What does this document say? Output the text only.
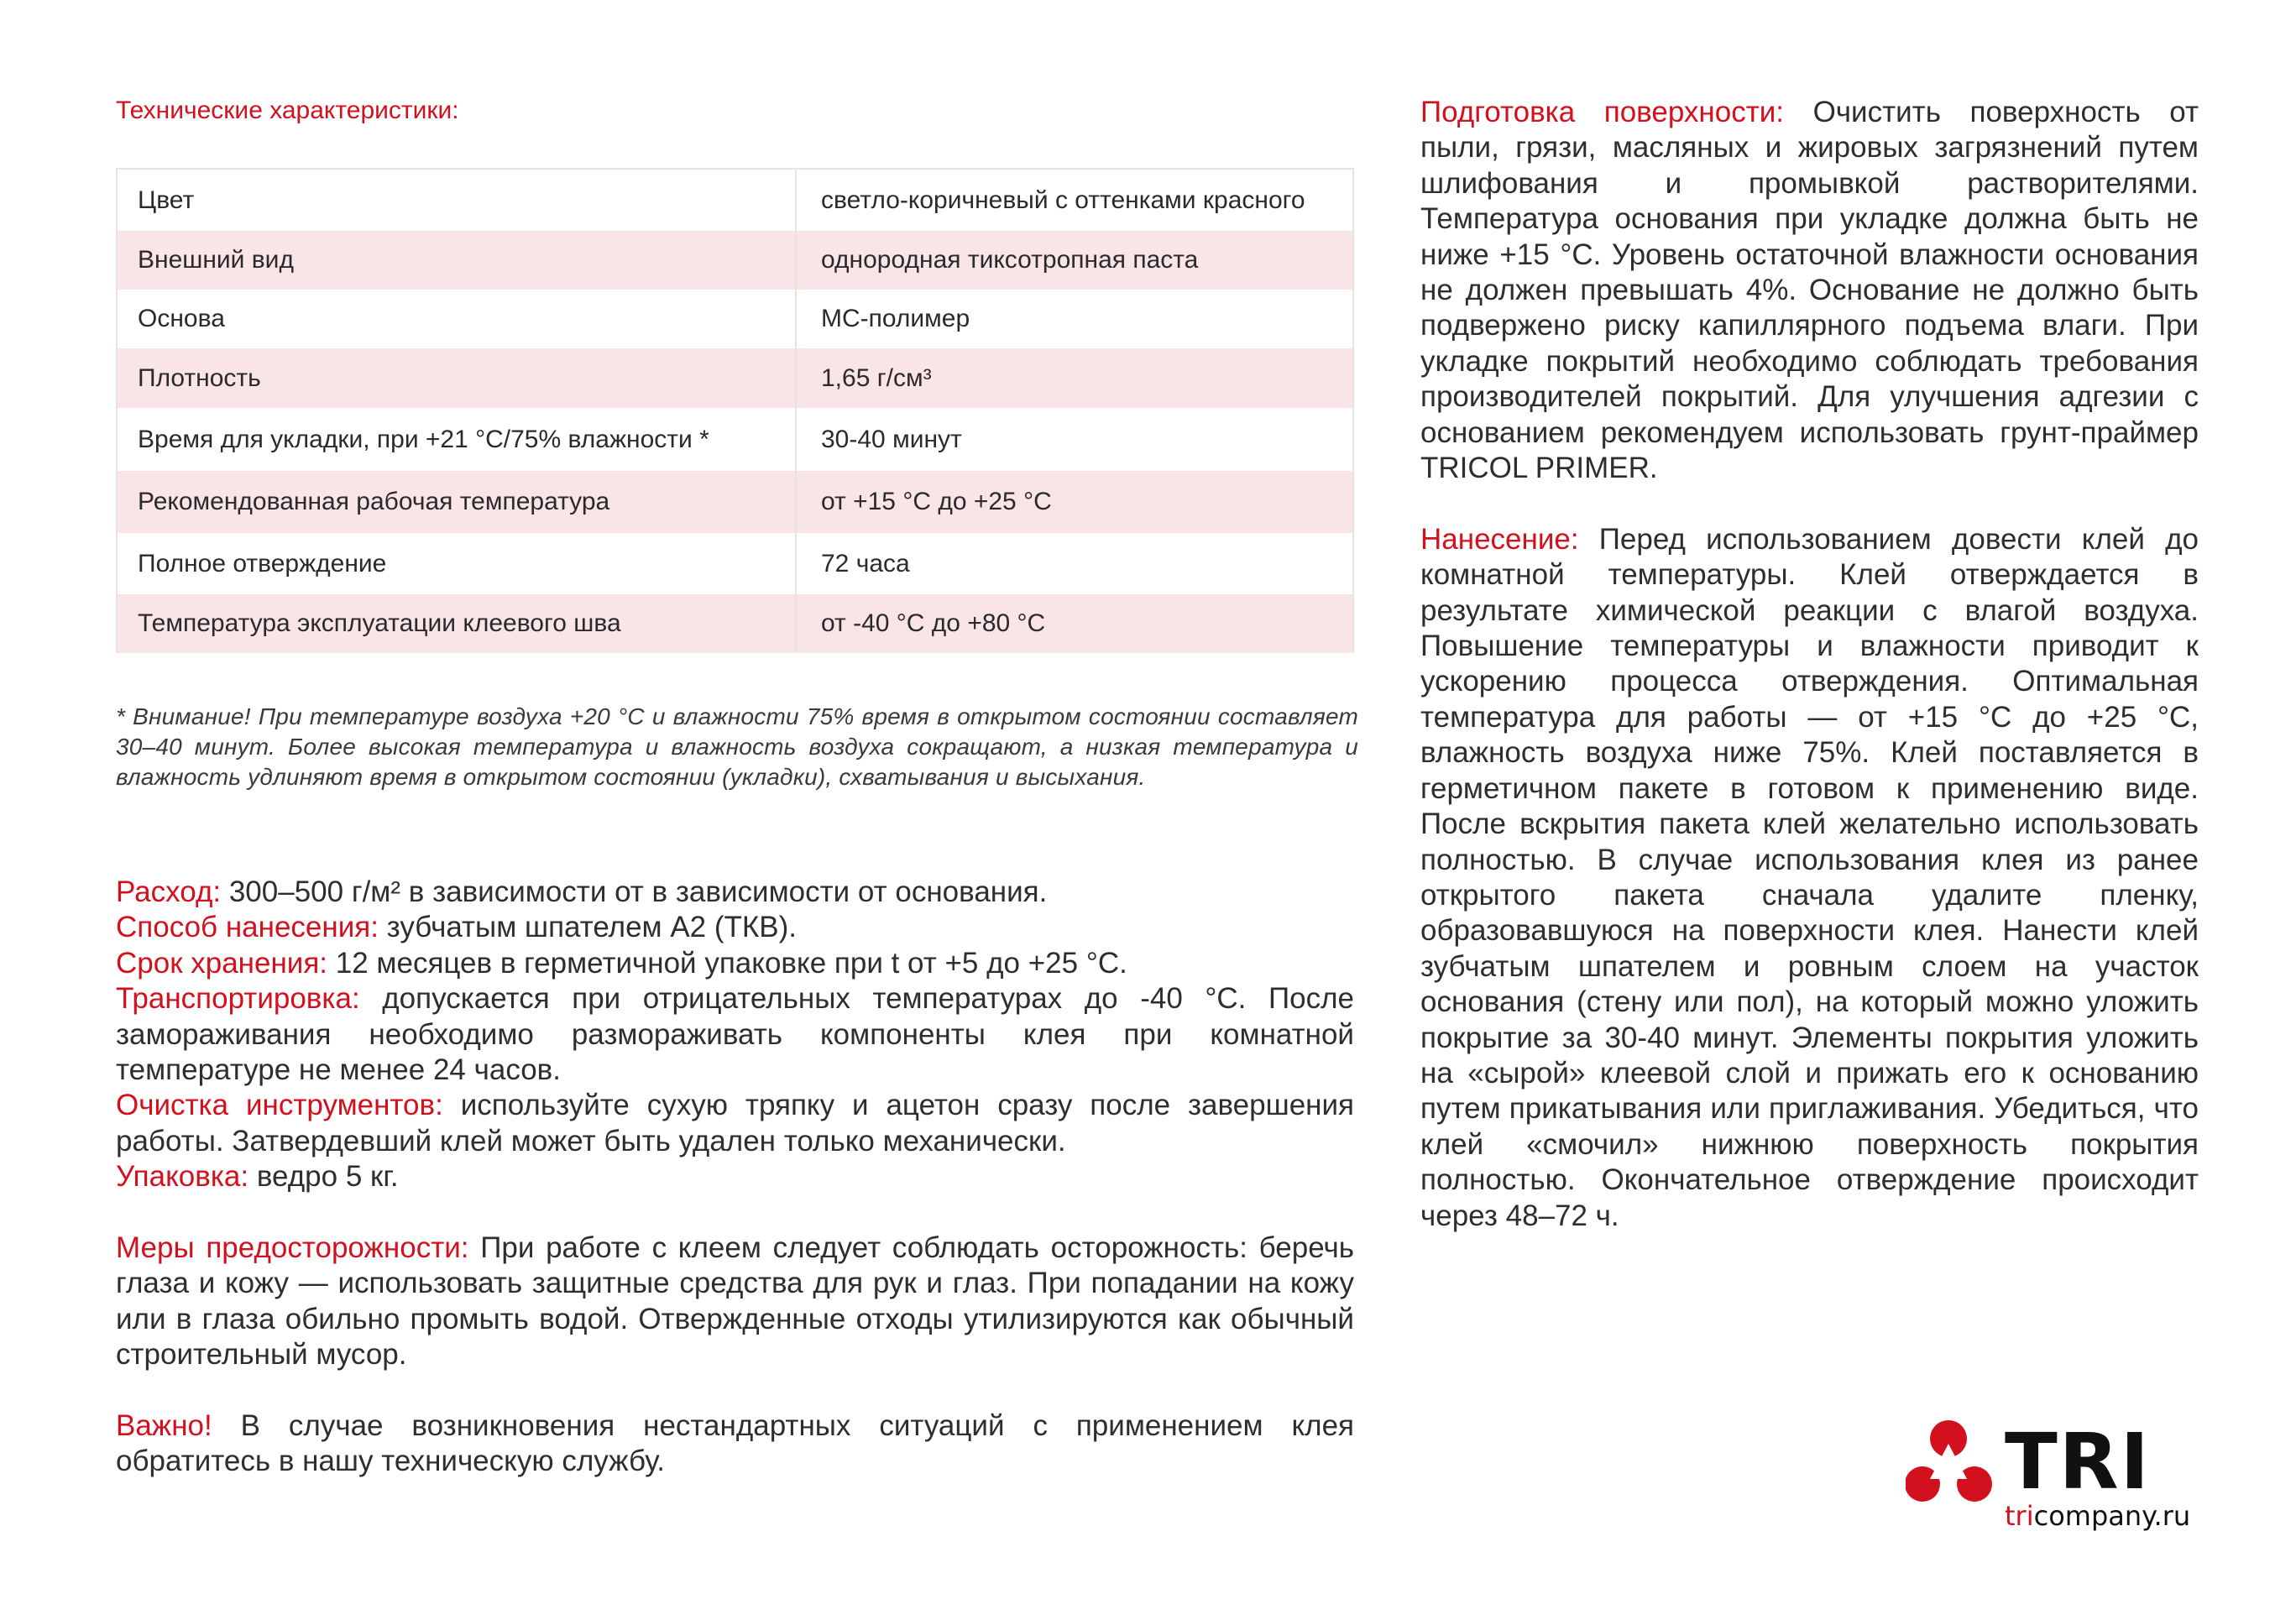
Технические характеристики:
Цвет	светло-коричневый с оттенками красного
Внешний вид	однородная тиксотропная паста
Основа	МС-полимер
Плотность	1,65 г/см³
Время для укладки, при +21 °С/75% влажности *	30-40 минут
Рекомендованная рабочая температура	от +15 °С до +25 °С
Полное отверждение	72 часа
Температура эксплуатации клеевого шва	от -40 °С до +80 °С
* Внимание! При температуре воздуха +20 °С и влажности 75% время в открытом состоянии составляет 30–40 минут. Более высокая температура и влажность воздуха сокращают, а низкая температура и влажность удлиняют время в открытом состоянии (укладки), схватывания и высыхания.

Расход: 300–500 г/м² в зависимости от в зависимости от основания.

Способ нанесения: зубчатым шпателем А2 (ТКВ).

Срок хранения: 12 месяцев в герметичной упаковке при t от +5 до +25 °С.

Транспортировка: допускается при отрицательных температурах до -40 °С. После замораживания необходимо размораживать компоненты клея при комнатной температуре не менее 24 часов.

Очистка инструментов: используйте сухую тряпку и ацетон сразу после завершения работы. Затвердевший клей может быть удален только механически.

Упаковка: ведро 5 кг.

Меры предосторожности: При работе с клеем следует соблюдать осторожность: беречь глаза и кожу — использовать защитные средства для рук и глаз. При попадании на кожу или в глаза обильно промыть водой. Отвержденные отходы утилизируются как обычный строительный мусор.

Важно! В случае возникновения нестандартных ситуаций с применением клея обратитесь в нашу техническую службу.

Подготовка поверхности: Очистить поверхность от пыли, грязи, масляных и жировых загрязнений путем шлифования и промывкой растворителями. Температура основания при укладке должна быть не ниже +15 °С. Уровень остаточной влажности основания не должен превышать 4%. Основание не должно быть подвержено риску капиллярного подъема влаги. При укладке покрытий необходимо соблюдать требования производителей покрытий. Для улучшения адгезии с основанием рекомендуем использовать грунт-праймер TRICOL PRIMER.

Нанесение: Перед использованием довести клей до комнатной температуры. Клей отверждается в результате химической реакции с влагой воздуха. Повышение температуры и влажности приводит к ускорению процесса отверждения. Оптимальная температура для работы — от +15 °С до +25 °С, влажность воздуха ниже 75%. Клей поставляется в герметичном пакете в готовом к применению виде. После вскрытия пакета клей желательно использовать полностью. В случае использования клея из ранее открытого пакета сначала удалите пленку, образовавшуюся на поверхности клея. Нанести клей зубчатым шпателем и ровным слоем на участок основания (стену или пол), на который можно уложить покрытие за 30-40 минут. Элементы покрытия уложить на «сырой» клеевой слой и прижать его к основанию путем прикатывания или приглаживания. Убедиться, что клей «смочил» нижнюю поверхность покрытия полностью. Окончательное отверждение происходит через 48–72 ч.

TRI
tricompany.ru
